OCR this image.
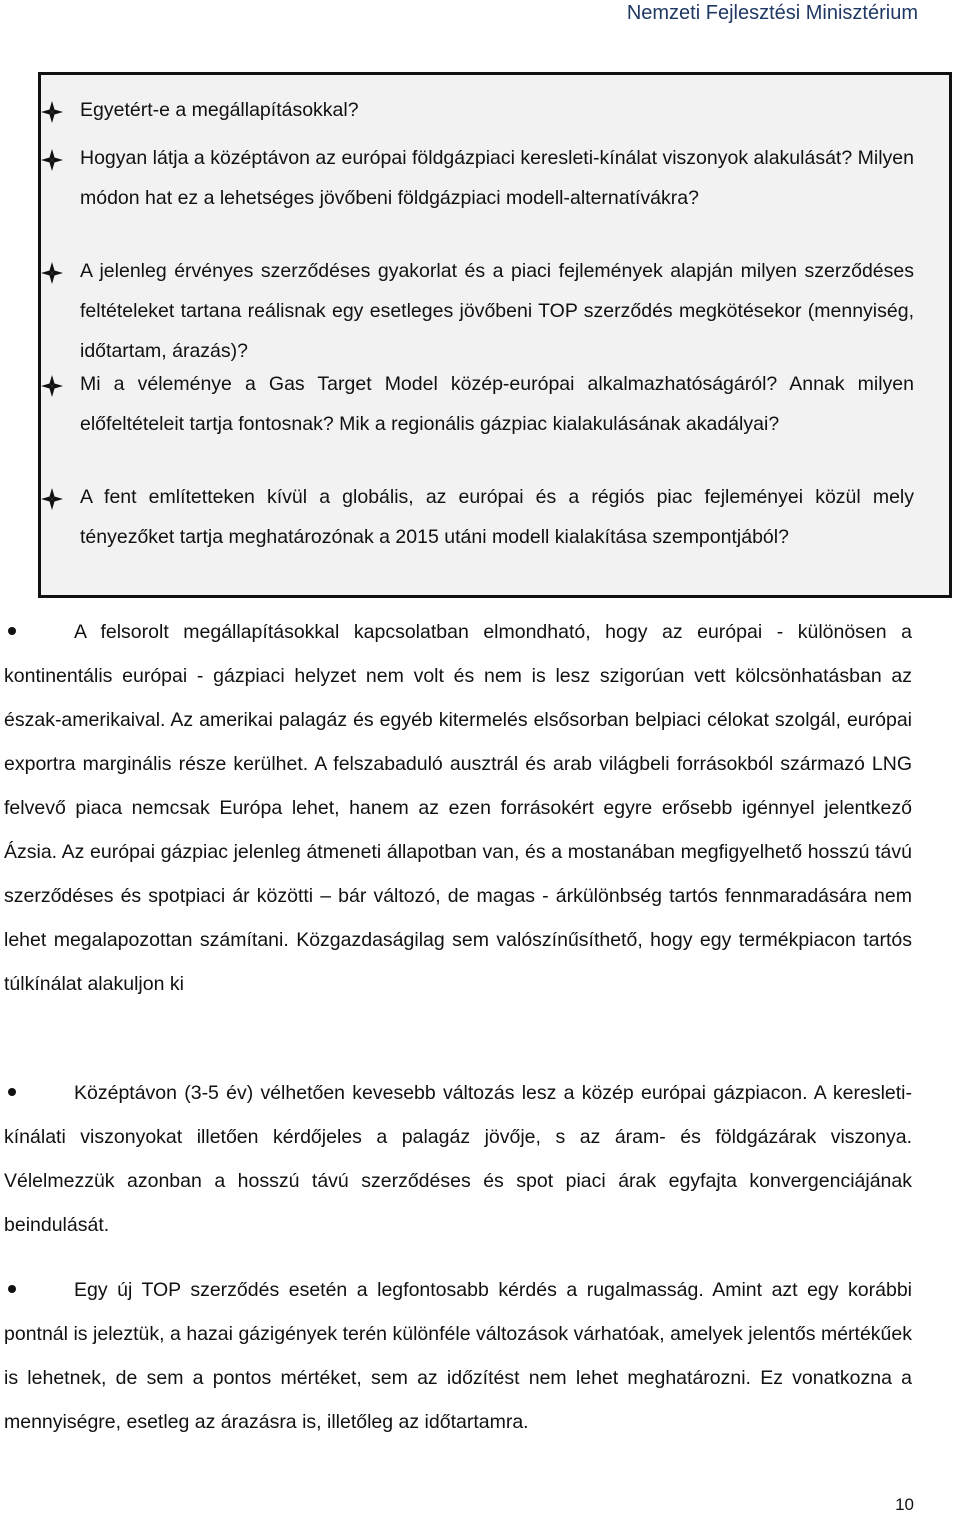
Nemzeti Fejlesztési Minisztérium
Egyetért-e a megállapításokkal?
Hogyan látja a középtávon az európai földgázpiaci keresleti-kínálat viszonyok alakulását? Milyen módon hat ez a lehetséges jövőbeni földgázpiaci modell-alternatívákra?
A jelenleg érvényes szerződéses gyakorlat és a piaci fejlemények alapján milyen szerződéses feltételeket tartana reálisnak egy esetleges jövőbeni TOP szerződés megkötésekor (mennyiség, időtartam, árazás)?
Mi a véleménye a Gas Target Model közép-európai alkalmazhatóságáról? Annak milyen előfeltételeit tartja fontosnak? Mik a regionális gázpiac kialakulásának akadályai?
A fent említetteken kívül a globális, az európai és a régiós piac fejleményei közül mely tényezőket tartja meghatározónak a 2015 utáni modell kialakítása szempontjából?
A felsorolt megállapításokkal kapcsolatban elmondható, hogy az európai - különösen a kontinentális európai - gázpiaci helyzet nem volt és nem is lesz szigorúan vett kölcsönhatásban az észak-amerikaival. Az amerikai palagáz és egyéb kitermelés elsősorban belpiaci célokat szolgál, európai exportra marginális része kerülhet. A felszabaduló ausztrál és arab világbeli forrásokból származó LNG felvevő piaca nemcsak Európa lehet, hanem az ezen forrásokért egyre erősebb igénnyel jelentkező Ázsia. Az európai gázpiac jelenleg átmeneti állapotban van, és a mostanában megfigyelhető hosszú távú szerződéses és spotpiaci ár közötti – bár változó, de magas - árkülönbség tartós fennmaradására nem lehet megalapozottan számítani. Közgazdaságilag sem valószínűsíthető, hogy egy termékpiacon tartós túlkínálat alakuljon ki
Középtávon (3-5 év) vélhetően kevesebb változás lesz a közép európai gázpiacon. A keresleti-kínálati viszonyokat illetően kérdőjeles a palagáz jövője, s az áram- és földgázárak viszonya. Vélelmezzük azonban a hosszú távú szerződéses és spot piaci árak egyfajta konvergenciájának beindulását.
Egy új TOP szerződés esetén a legfontosabb kérdés a rugalmasság. Amint azt egy korábbi pontnál is jeleztük, a hazai gázigények terén különféle változások várhatóak, amelyek jelentős mértékűek is lehetnek, de sem a pontos mértéket, sem az időzítést nem lehet meghatározni. Ez vonatkozna a mennyiségre, esetleg az árazásra is, illetőleg az időtartamra.
10
